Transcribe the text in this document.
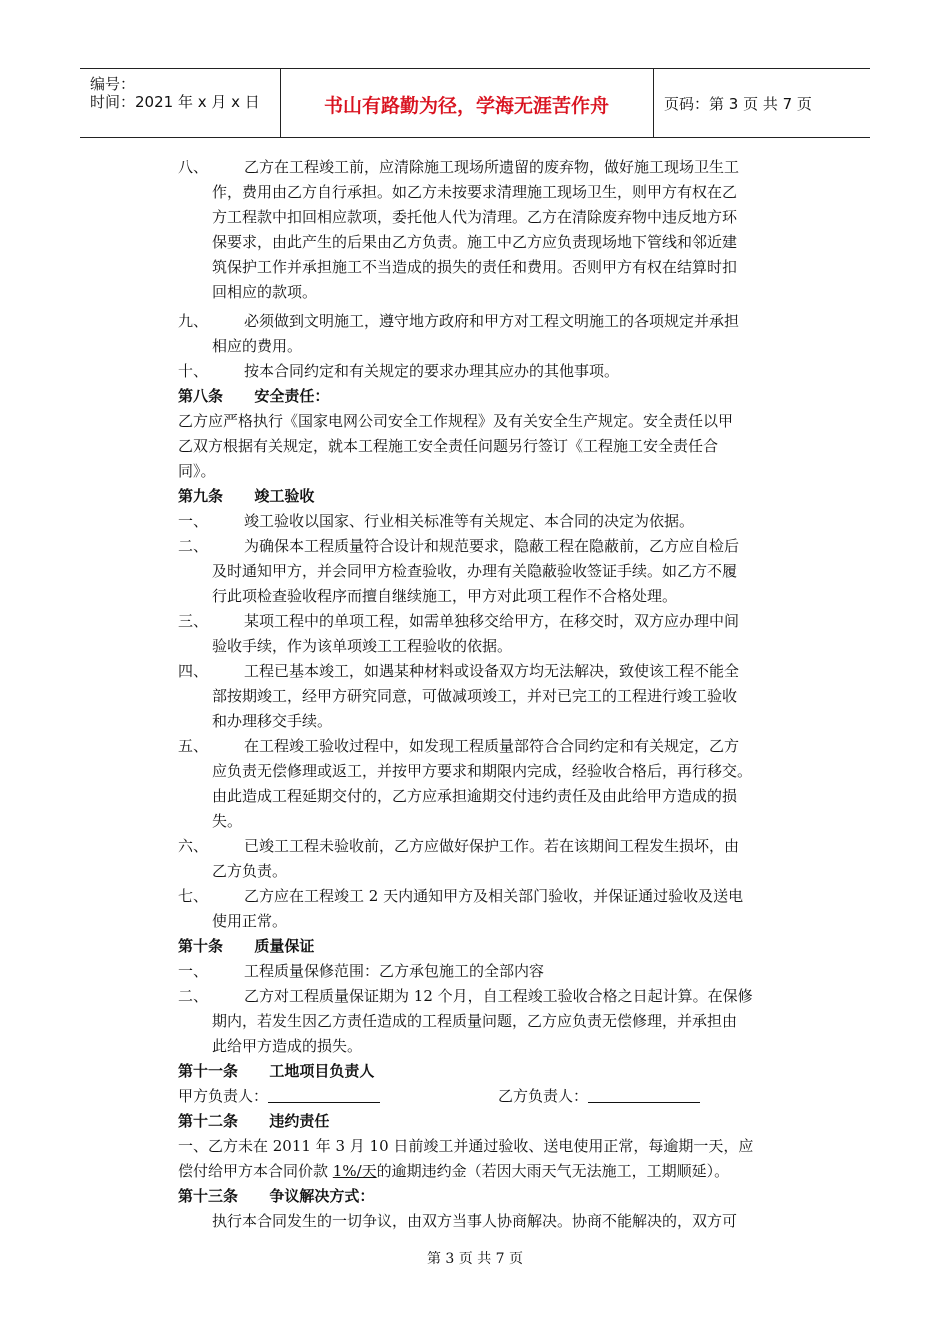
编号：
时间：2021 年 x 月 x 日	书山有路勤为径，学海无涯苦作舟	页码：第 3 页 共 7 页
八、 乙方在工程竣工前，应清除施工现场所遗留的废弃物，做好施工现场卫生工
作，费用由乙方自行承担。如乙方未按要求清理施工现场卫生，则甲方有权在乙
方工程款中扣回相应款项，委托他人代为清理。乙方在清除废弃物中违反地方环
保要求，由此产生的后果由乙方负责。施工中乙方应负责现场地下管线和邻近建
筑保护工作并承担施工不当造成的损失的责任和费用。否则甲方有权在结算时扣
回相应的款项。
九、 必须做到文明施工，遵守地方政府和甲方对工程文明施工的各项规定并承担
相应的费用。
十、 按本合同约定和有关规定的要求办理其应办的其他事项。
第八条      安全责任：
乙方应严格执行《国家电网公司安全工作规程》及有关安全生产规定。安全责任以甲
乙双方根据有关规定，就本工程施工安全责任问题另行签订《工程施工安全责任合
同》。
第九条      竣工验收
一、 竣工验收以国家、行业相关标准等有关规定、本合同的决定为依据。
二、 为确保本工程质量符合设计和规范要求，隐蔽工程在隐蔽前，乙方应自检后
及时通知甲方，并会同甲方检查验收，办理有关隐蔽验收签证手续。如乙方不履
行此项检查验收程序而擅自继续施工，甲方对此项工程作不合格处理。
三、 某项工程中的单项工程，如需单独移交给甲方，在移交时，双方应办理中间
验收手续，作为该单项竣工工程验收的依据。
四、 工程已基本竣工，如遇某种材料或设备双方均无法解决，致使该工程不能全
部按期竣工，经甲方研究同意，可做减项竣工，并对已完工的工程进行竣工验收
和办理移交手续。
五、 在工程竣工验收过程中，如发现工程质量部符合合同约定和有关规定，乙方
应负责无偿修理或返工，并按甲方要求和期限内完成，经验收合格后，再行移交。
由此造成工程延期交付的，乙方应承担逾期交付违约责任及由此给甲方造成的损
失。
六、 已竣工工程未验收前，乙方应做好保护工作。若在该期间工程发生损坏，由
乙方负责。
七、 乙方应在工程竣工 2 天内通知甲方及相关部门验收，并保证通过验收及送电
使用正常。
第十条      质量保证
一、 工程质量保修范围：乙方承包施工的全部内容
二、 乙方对工程质量保证期为 12 个月，自工程竣工验收合格之日起计算。在保修
期内，若发生因乙方责任造成的工程质量问题，乙方应负责无偿修理，并承担由
此给甲方造成的损失。
第十一条      工地项目负责人
甲方负责人：	乙方负责人：
第十二条      违约责任
一、乙方未在 2011 年 3 月 10 日前竣工并通过验收、送电使用正常，每逾期一天，应
偿付给甲方本合同价款 1%/天的逾期违约金（若因大雨天气无法施工，工期顺延）。
第十三条      争议解决方式：
执行本合同发生的一切争议，由双方当事人协商解决。协商不能解决的，双方可
第 3 页 共 7 页
